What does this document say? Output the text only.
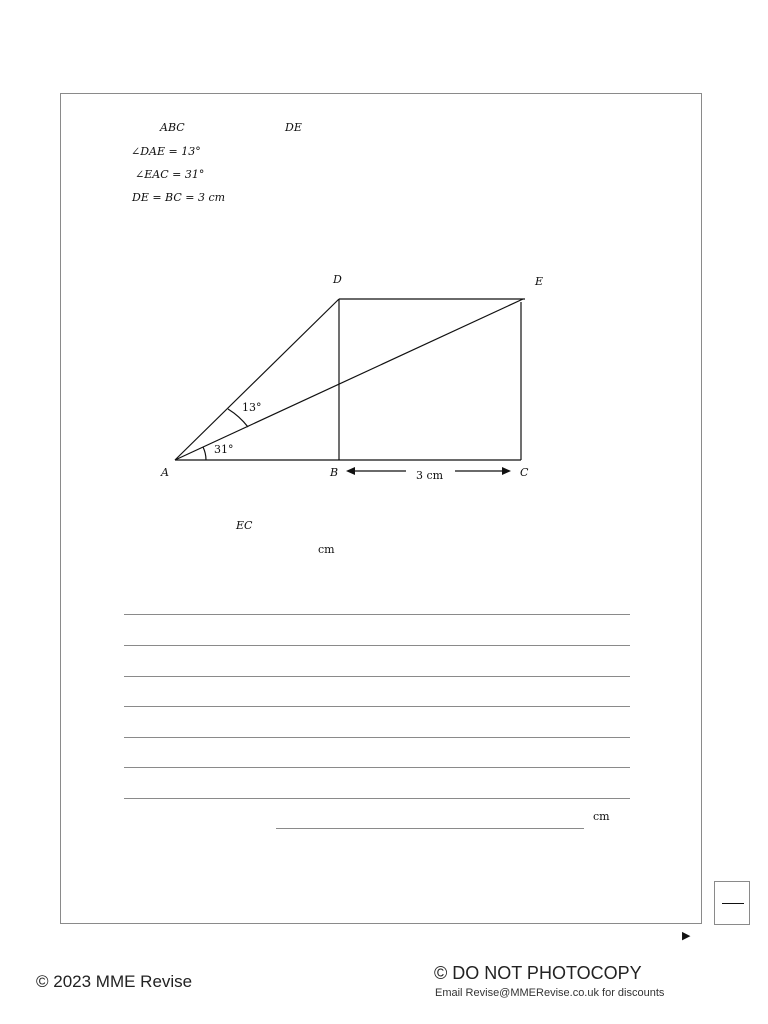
ABC	DE
∠DAE = 13°
∠EAC = 31°
DE = BC = 3 cm
D	E
A	B	C
13°
31°
3 cm
EC
cm
cm
▶
© 2023 MME Revise	© DO NOT PHOTOCOPY
Email Revise@MMERevise.co.uk for discounts
